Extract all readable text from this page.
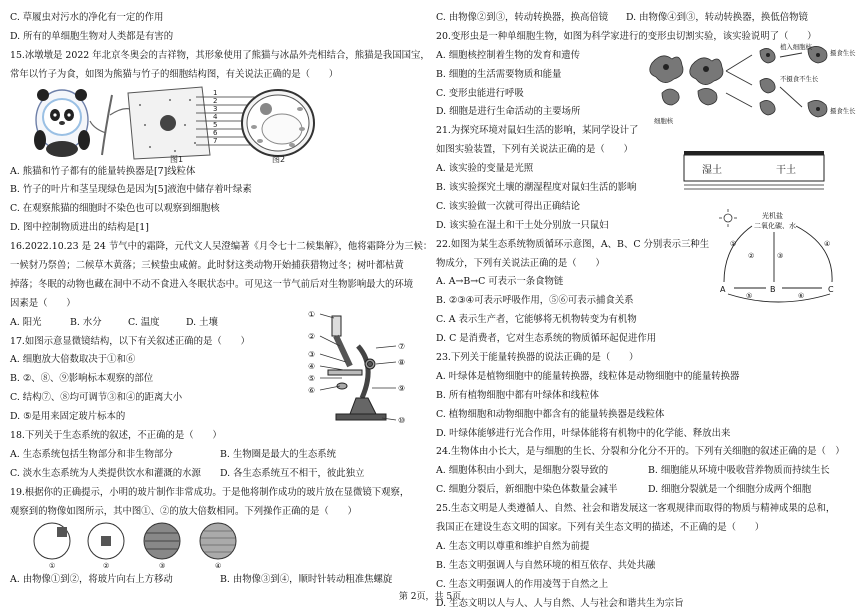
C. 草履虫对污水的净化有一定的作用
D. 所有的单细胞生物对人类都是有害的
15.冰墩墩是 2022 年北京冬奥会的吉祥物，其形象使用了熊猫与冰晶外壳相结合，熊猫是我国国宝，
常年以竹子为食，如图为熊猫与竹子的细胞结构图，有关说法正确的是（　　）
1
2
3
4
5
6
7
图1	图2
A. 熊猫和竹子都有的能量转换器是[7]线粒体
B. 竹子的叶片和茎呈现绿色是因为[5]液泡中储存着叶绿素
C. 在观察熊猫的细胞时不染色也可以观察到细胞核
D. 图中控制物质进出的结构是[1]
16.2022.10.23 是 24 节气中的霜降，元代文人吴澄编著《月令七十二候集解》，他将霜降分为三候：
一候豺乃祭兽；二候草木黄落；三候蛰虫咸俯。此时豺这类动物开始捕获猎物过冬；树叶都枯黄
掉落；冬眠的动物也藏在洞中不动不食进入冬眠状态中。可见这一节气前后对生物影响最大的环境
因素是（　　）
A. 阳光	B. 水分	C. 温度	D. 土壤
17.如图示意显微镜结构，以下有关叙述正确的是（　　）
A. 细胞放大倍数取决于①和⑥
B. ②、⑧、⑨影响标本观察的部位
C. 结构⑦、⑧均可调节③和④的距离大小
D. ⑤是用来固定玻片标本的
①
②
③
④
⑤
⑥
⑦
⑧
⑨
⑩
18.下列关于生态系统的叙述，不正确的是（　　）
A. 生态系统包括生物部分和非生物部分	B. 生物圈是最大的生态系统
C. 淡水生态系统为人类提供饮水和灌溉的水源 D. 各生态系统互不相干，彼此独立
19.根据你的正确提示，小明的玻片制作非常成功。于是他将制作成功的玻片放在显微镜下观察，
观察到的物像如图所示，其中图①、②的放大倍数相同。下列操作正确的是（　　）
①	②	③	④
A. 由物像①到②，将玻片向右上方移动	B. 由物像③到④，顺时针转动粗准焦螺旋
C. 由物像②到③，转动转换器，换高倍镜 D. 由物像④到③，转动转换器，换低倍物镜
20.变形虫是一种单细胞生物，如图为科学家进行的变形虫切割实验，该实验说明了（　　）
A. 细胞核控制着生物的发育和遗传
B. 细胞的生活需要物质和能量
C. 变形虫能进行呼吸
D. 细胞是进行生命活动的主要场所
21.为探究环境对鼠妇生活的影响，某同学设计了
如图实验装置，下列有关说法正确的是（　　）
A. 该实验的变量是光照
B. 该实验探究土壤的潮湿程度对鼠妇生活的影响
C. 该实验做一次就可得出正确结论
D. 该实验在湿土和干土处分别放一只鼠妇
细胞核
植入细胞核
摄食生长
不摄食不生长
摄食生长
湿土	干土
22.如图为某生态系统物质循环示意图，A、B、C 分别表示三种生
物成分，下列有关说法正确的是（　　）
A. A→B→C 可表示一条食物链
B. ②③④可表示呼吸作用，⑤⑥可表示捕食关系
C. A 表示生产者，它能够将无机物转变为有机物
D. C 是消费者，它对生态系统的物质循环起促进作用
光机盐
二氧化碳、水
A	B	C
①
②	③
④
⑤	⑥
23.下列关于能量转换器的说法正确的是（　　）
A. 叶绿体是植物细胞中的能量转换器，线粒体是动物细胞中的能量转换器
B. 所有植物细胞中都有叶绿体和线粒体
C. 植物细胞和动物细胞中都含有的能量转换器是线粒体
D. 叶绿体能够进行光合作用，叶绿体能将有机物中的化学能、释放出来
24.生物体由小长大，是与细胞的生长、分裂和分化分不开的。下列有关细胞的叙述正确的是（　）
A. 细胞体积由小到大，是细胞分裂导致的	B. 细胞能从环境中吸收营养物质而持续生长
C. 细胞分裂后，新细胞中染色体数量会减半	D. 细胞分裂就是一个细胞分成两个细胞
25.生态文明是人类遵循人、自然、社会和谐发展这一客观规律而取得的物质与精神成果的总和，
我国正在建设生态文明的国家。下列有关生态文明的描述，不正确的是（　　）
A. 生态文明以尊重和维护自然为前提
B. 生态文明强调人与自然环境的相互依存、共处共融
C. 生态文明强调人的作用凌驾于自然之上
D. 生态文明以人与人、人与自然、人与社会和谐共生为宗旨
第 2页，共 5页
